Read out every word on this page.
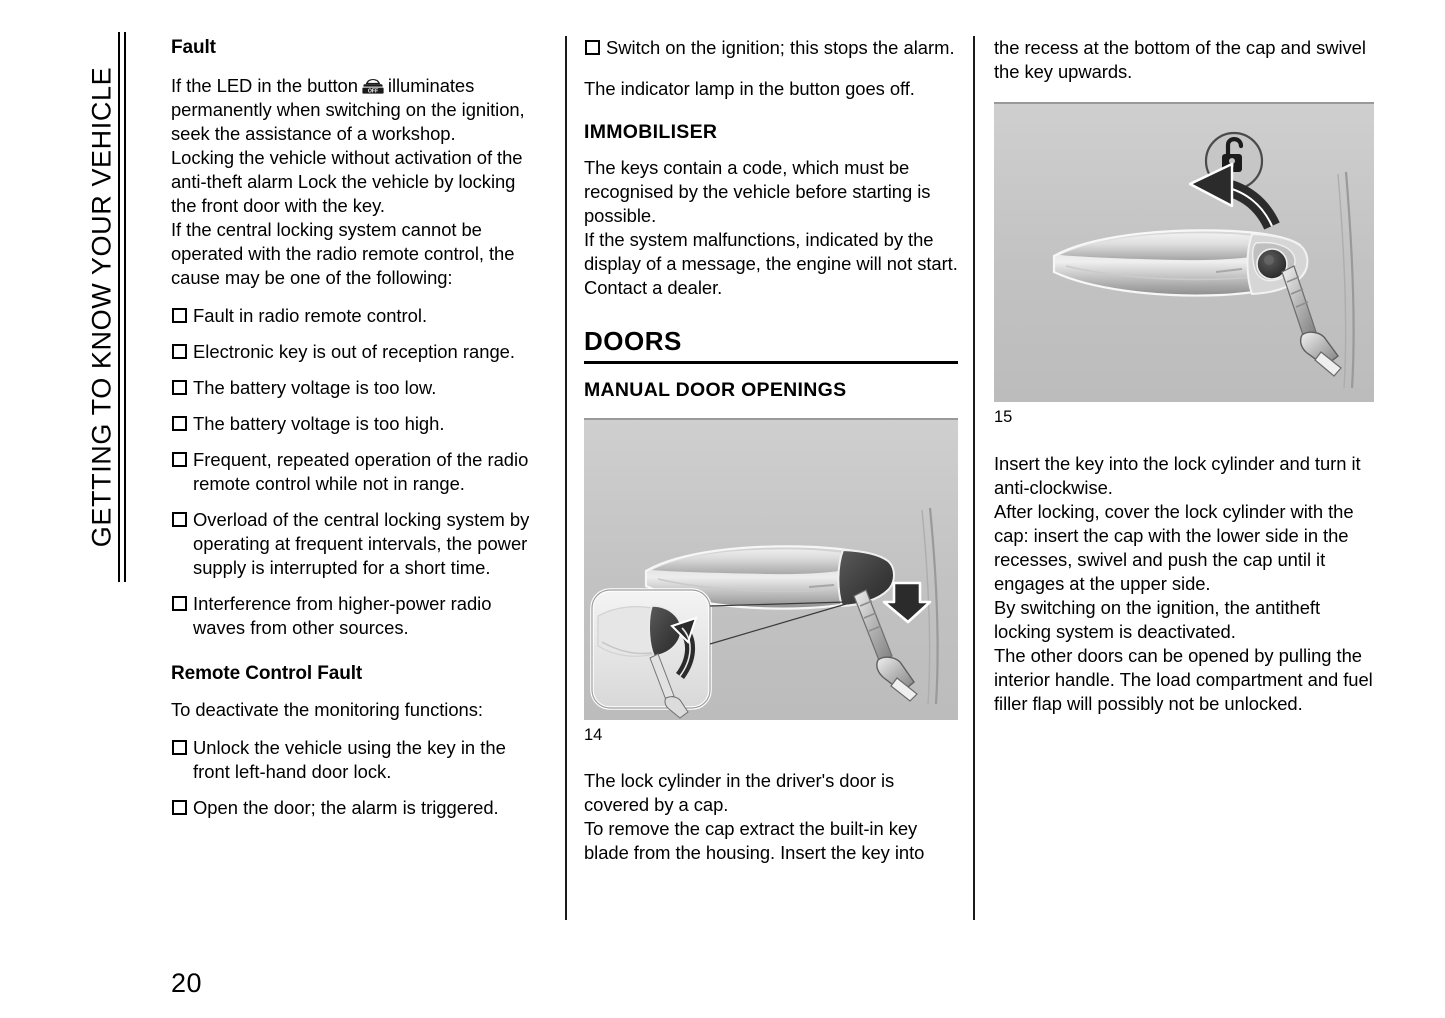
GETTING TO KNOW YOUR VEHICLE
Fault

If the LED in the button OFF illuminates permanently when switching on the ignition, seek the assistance of a workshop.

Locking the vehicle without activation of the anti-theft alarm Lock the vehicle by locking the front door with the key.

If the central locking system cannot be operated with the radio remote control, the cause may be one of the following:

Fault in radio remote control.
Electronic key is out of reception range.
The battery voltage is too low.
The battery voltage is too high.
Frequent, repeated operation of the radio remote control while not in range.
Overload of the central locking system by operating at frequent intervals, the power supply is interrupted for a short time.
Interference from higher-power radio waves from other sources.
Remote Control Fault

To deactivate the monitoring functions:

Unlock the vehicle using the key in the front left-hand door lock.
Open the door; the alarm is triggered.
Switch on the ignition; this stops the alarm.

The indicator lamp in the button goes off.

IMMOBILISER

The keys contain a code, which must be recognised by the vehicle before starting is possible.

If the system malfunctions, indicated by the display of a message, the engine will not start.

Contact a dealer.

DOORS
MANUAL DOOR OPENINGS
14

The lock cylinder in the driver's door is covered by a cap.

To remove the cap extract the built-in key blade from the housing. Insert the key into

the recess at the bottom of the cap and swivel the key upwards.

15

Insert the key into the lock cylinder and turn it anti-clockwise.

After locking, cover the lock cylinder with the cap: insert the cap with the lower side in the recesses, swivel and push the cap until it engages at the upper side.

By switching on the ignition, the antitheft locking system is deactivated.

The other doors can be opened by pulling the interior handle. The load compartment and fuel filler flap will possibly not be unlocked.

20
